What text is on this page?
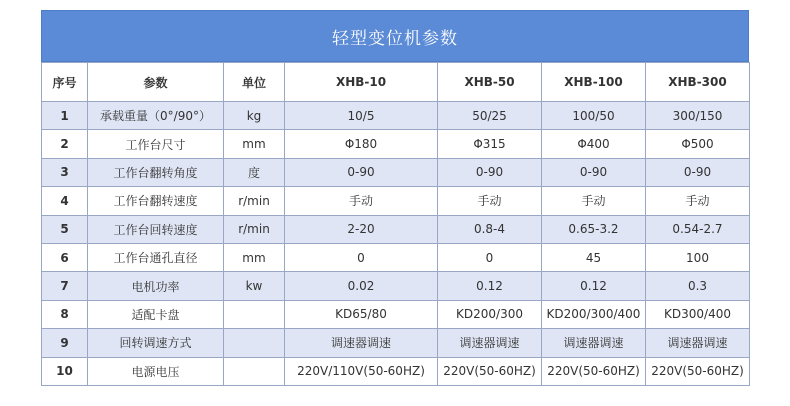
轻型变位机参数
序号	参数	单位	XHB-10	XHB-50	XHB-100	XHB-300
1	承载重量（0°/90°）	kg	10/5	50/25	100/50	300/150
2	工作台尺寸	mm	Φ180	Φ315	Φ400	Φ500
3	工作台翻转角度	度	0-90	0-90	0-90	0-90
4	工作台翻转速度	r/min	手动	手动	手动	手动
5	工作台回转速度	r/min	2-20	0.8-4	0.65-3.2	0.54-2.7
6	工作台通孔直径	mm	0	0	45	100
7	电机功率	kw	0.02	0.12	0.12	0.3
8	适配卡盘		KD65/80	KD200/300	KD200/300/400	KD300/400
9	回转调速方式		调速器调速	调速器调速	调速器调速	调速器调速
10	电源电压		220V/110V(50-60HZ)	220V(50-60HZ)	220V(50-60HZ)	220V(50-60HZ)
